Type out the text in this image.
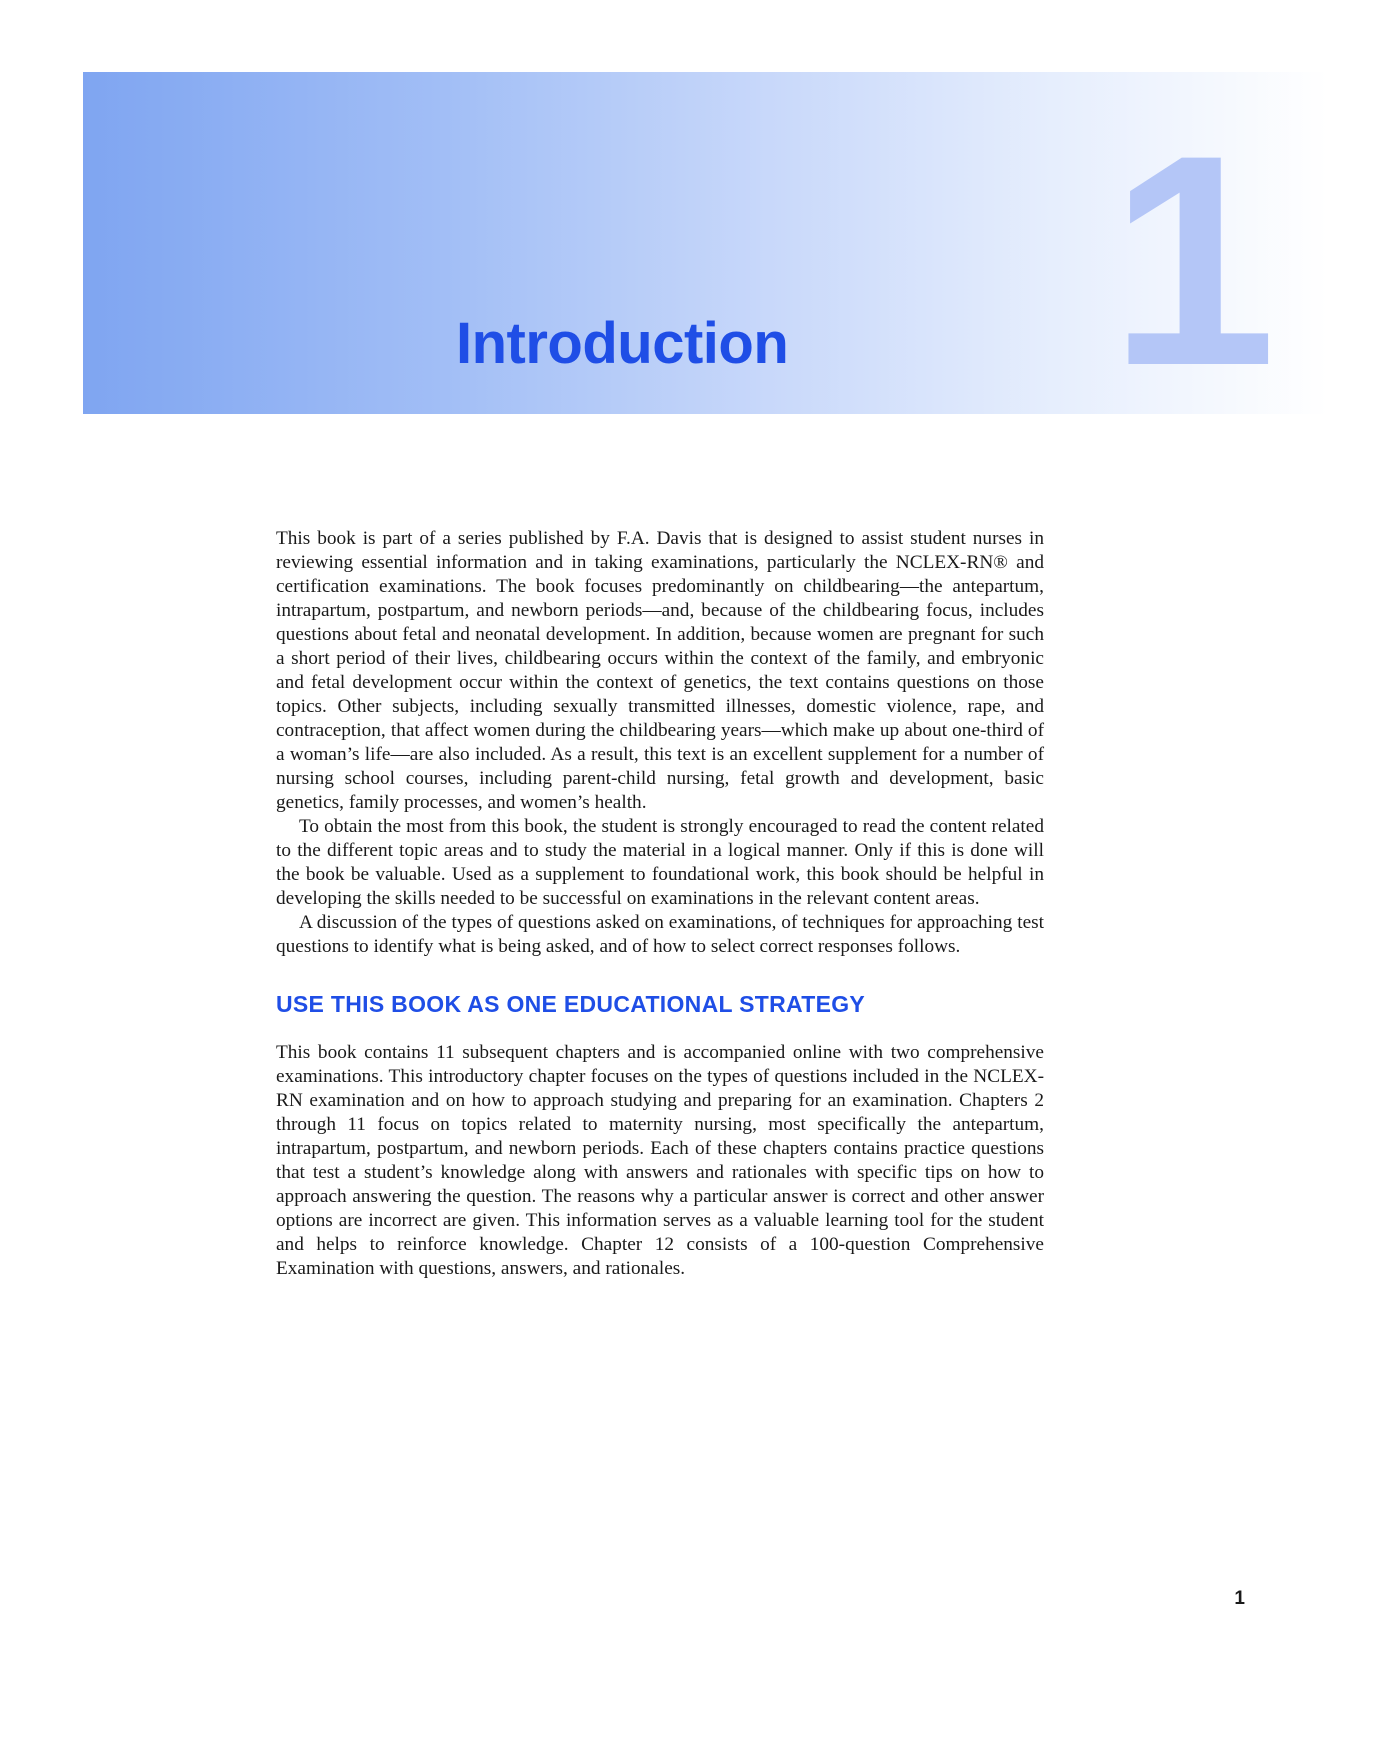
1
Introduction

This book is part of a series published by F.A. Davis that is designed to assist student nurses in reviewing essential information and in taking examinations, particularly the NCLEX-RN® and certification examinations. The book focuses predominantly on childbearing—the antepartum, intrapartum, postpartum, and newborn periods—and, because of the childbearing focus, includes questions about fetal and neonatal development. In addition, because women are pregnant for such a short period of their lives, childbearing occurs within the context of the family, and embryonic and fetal development occur within the context of genetics, the text contains questions on those topics. Other subjects, including sexually transmitted illnesses, domestic violence, rape, and contraception, that affect women during the childbearing years—which make up about one-third of a woman’s life—are also included. As a result, this text is an excellent supplement for a number of nursing school courses, including parent-child nursing, fetal growth and development, basic genetics, family processes, and women’s health.

To obtain the most from this book, the student is strongly encouraged to read the content related to the different topic areas and to study the material in a logical manner. Only if this is done will the book be valuable. Used as a supplement to foundational work, this book should be helpful in developing the skills needed to be successful on examinations in the relevant content areas.

A discussion of the types of questions asked on examinations, of techniques for approaching test questions to identify what is being asked, and of how to select correct responses follows.

USE THIS BOOK AS ONE EDUCATIONAL STRATEGY

This book contains 11 subsequent chapters and is accompanied online with two comprehensive examinations. This introductory chapter focuses on the types of questions included in the NCLEX-RN examination and on how to approach studying and preparing for an examination. Chapters 2 through 11 focus on topics related to maternity nursing, most specifically the antepartum, intrapartum, postpartum, and newborn periods. Each of these chapters contains practice questions that test a student’s knowledge along with answers and rationales with specific tips on how to approach answering the question. The reasons why a particular answer is correct and other answer options are incorrect are given. This information serves as a valuable learning tool for the student and helps to reinforce knowledge. Chapter 12 consists of a 100-question Comprehensive Examination with questions, answers, and rationales.

1
